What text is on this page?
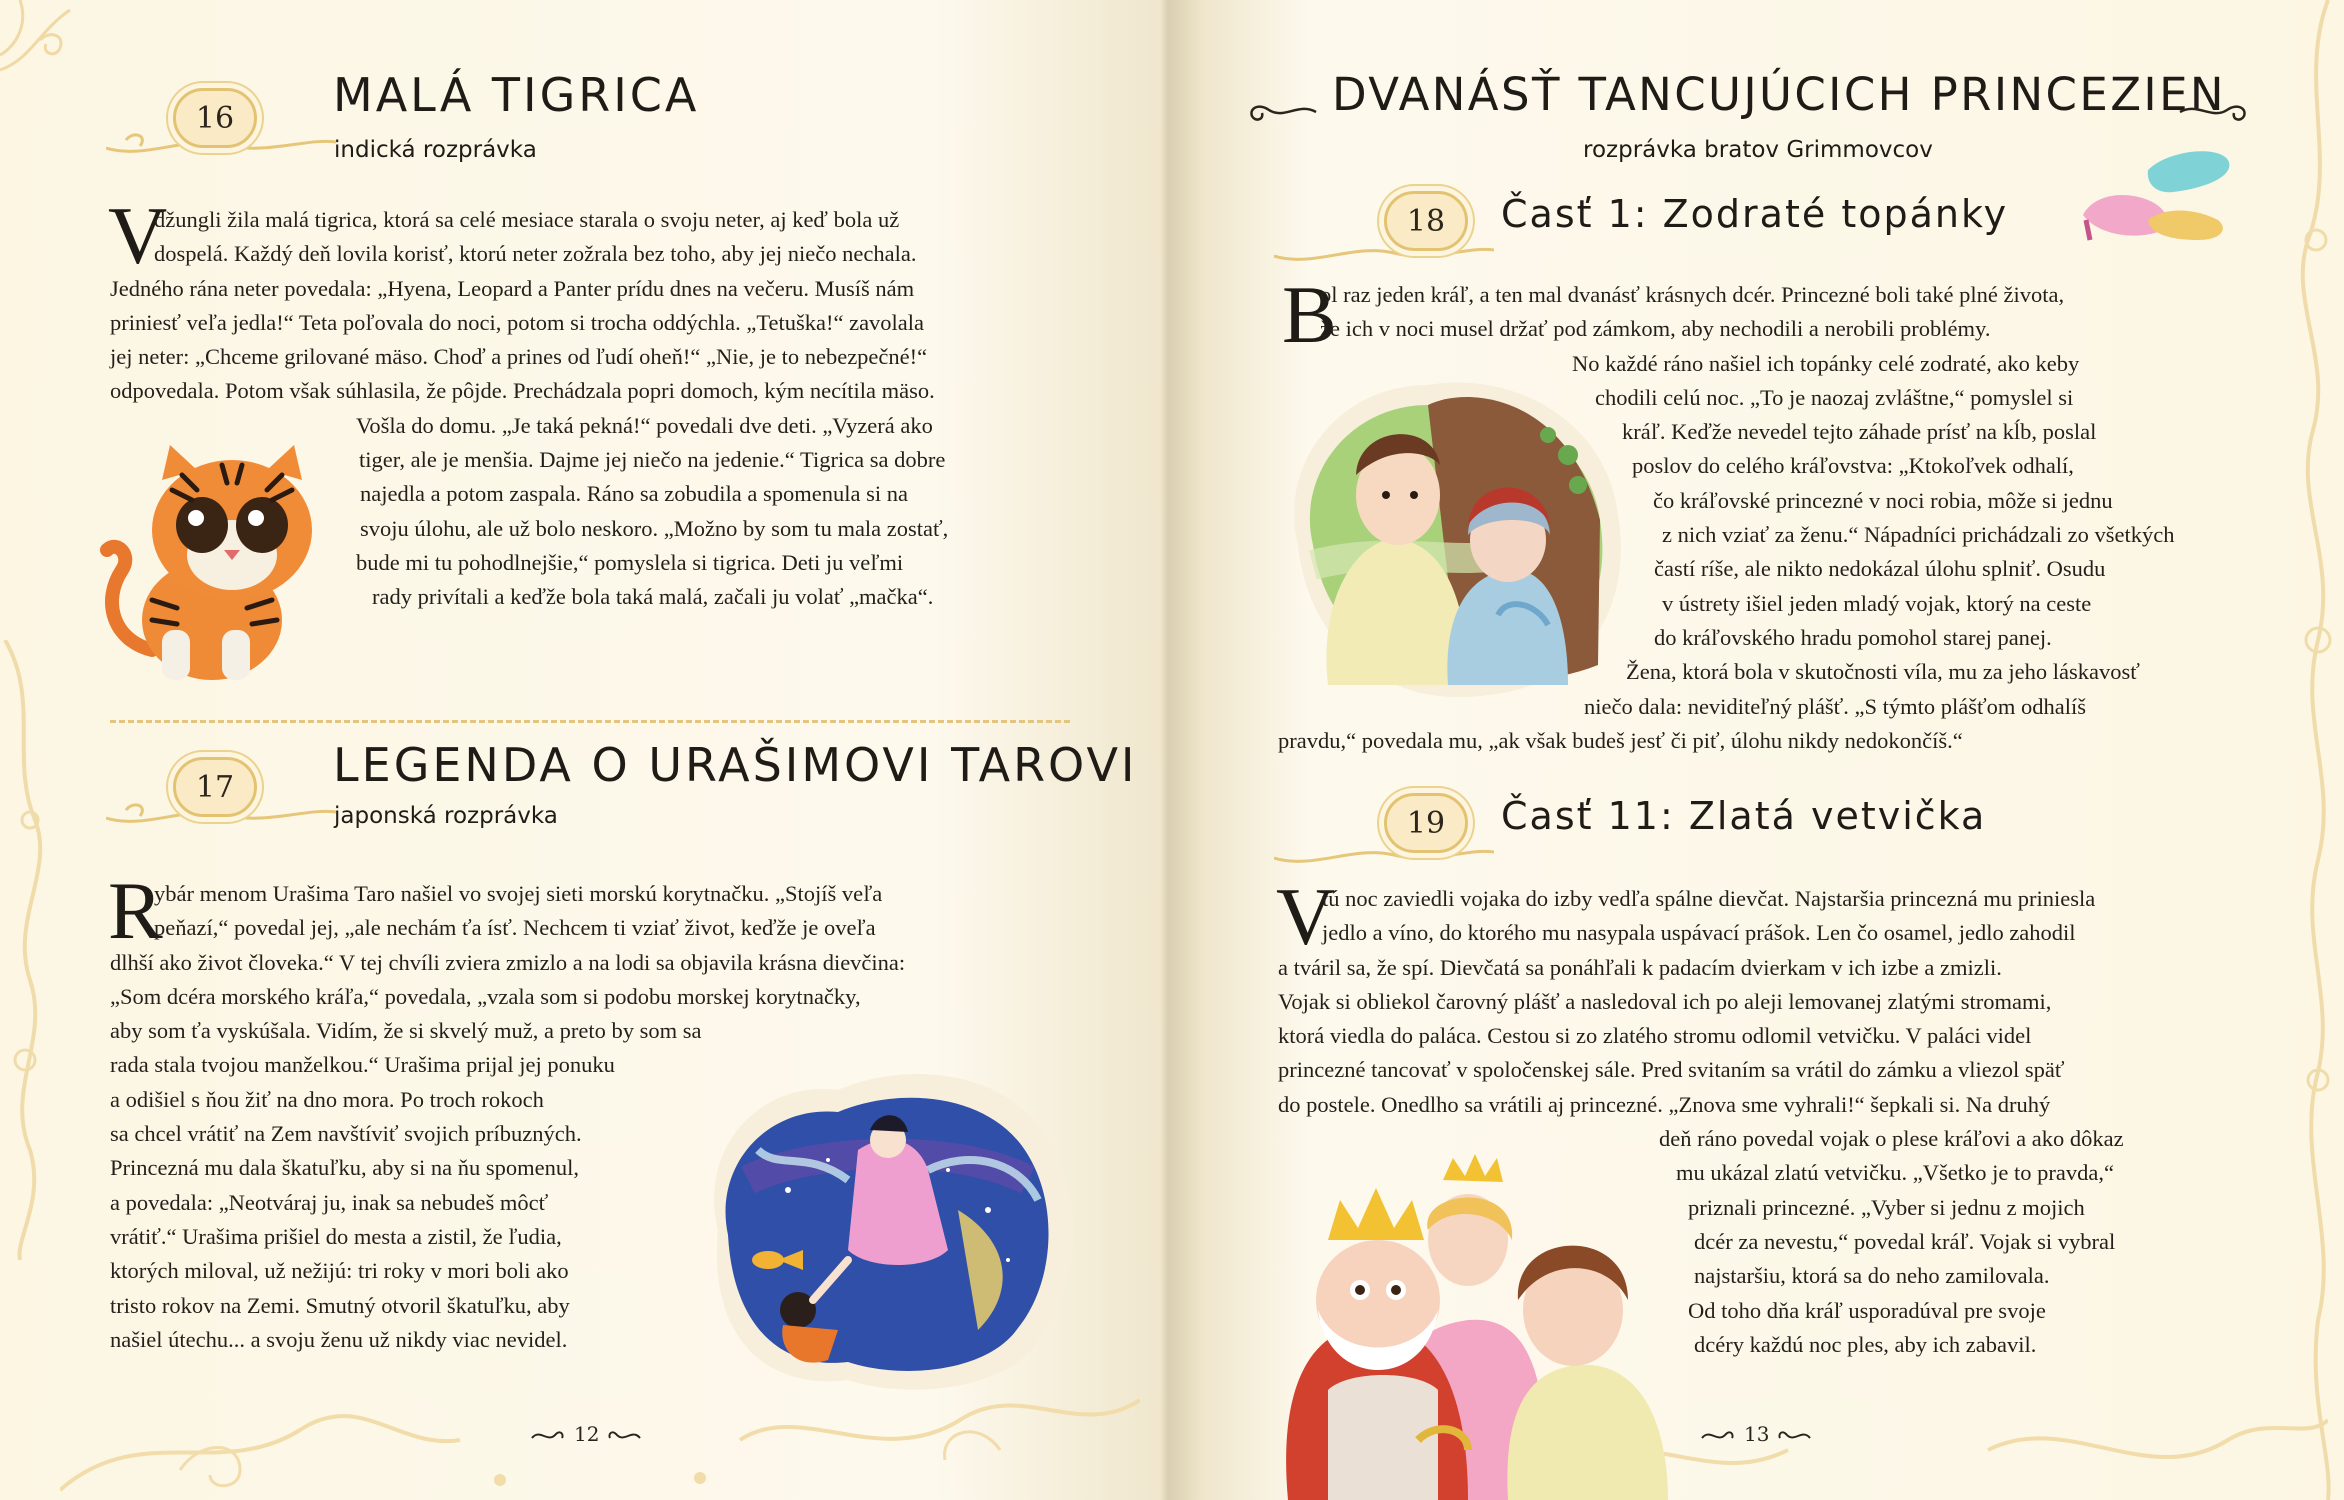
16	MALÁ TIGRICA
indická rozprávka
V
džungli žila malá tigrica, ktorá sa celé mesiace starala o svoju neter, aj keď bola už
dospelá. Každý deň lovila korisť, ktorú neter zožrala bez toho, aby jej niečo nechala.
Jedného rána neter povedala: „Hyena, Leopard a Panter prídu dnes na večeru. Musíš nám
priniesť veľa jedla!“ Teta poľovala do noci, potom si trocha oddýchla. „Tetuška!“ zavolala
jej neter: „Chceme grilované mäso. Choď a prines od ľudí oheň!“ „Nie, je to nebezpečné!“
odpovedala. Potom však súhlasila, že pôjde. Prechádzala popri domoch, kým necítila mäso.
Vošla do domu. „Je taká pekná!“ povedali dve deti. „Vyzerá ako
tiger, ale je menšia. Dajme jej niečo na jedenie.“ Tigrica sa dobre
najedla a potom zaspala. Ráno sa zobudila a spomenula si na
svoju úlohu, ale už bolo neskoro. „Možno by som tu mala zostať,
bude mi tu pohodlnejšie,“ pomyslela si tigrica. Deti ju veľmi
rady privítali a keďže bola taká malá, začali ju volať „mačka“.
17	LEGENDA O URAŠIMOVI TAROVI
japonská rozprávka
R
ybár menom Urašima Taro našiel vo svojej sieti morskú korytnačku. „Stojíš veľa
peňazí,“ povedal jej, „ale nechám ťa ísť. Nechcem ti vziať život, keďže je oveľa
dlhší ako život človeka.“ V tej chvíli zviera zmizlo a na lodi sa objavila krásna dievčina:
„Som dcéra morského kráľa,“ povedala, „vzala som si podobu morskej korytnačky,
aby som ťa vyskúšala. Vidím, že si skvelý muž, a preto by som sa
rada stala tvojou manželkou.“ Urašima prijal jej ponuku
a odišiel s ňou žiť na dno mora. Po troch rokoch
sa chcel vrátiť na Zem navštíviť svojich príbuzných.
Princezná mu dala škatuľku, aby si na ňu spomenul,
a povedala: „Neotváraj ju, inak sa nebudeš môcť
vrátiť.“ Urašima prišiel do mesta a zistil, že ľudia,
ktorých miloval, už nežijú: tri roky v mori boli ako
tristo rokov na Zemi. Smutný otvoril škatuľku, aby
našiel útechu... a svoju ženu už nikdy viac nevidel.
12
DVANÁSŤ TANCUJÚCICH PRINCEZIEN
rozprávka bratov Grimmovcov
18	Časť 1: Zodraté topánky
B
ol raz jeden kráľ, a ten mal dvanásť krásnych dcér. Princezné boli také plné života,
že ich v noci musel držať pod zámkom, aby nechodili a nerobili problémy.
No každé ráno našiel ich topánky celé zodraté, ako keby
chodili celú noc. „To je naozaj zvláštne,“ pomyslel si
kráľ. Keďže nevedel tejto záhade prísť na kĺb, poslal
poslov do celého kráľovstva: „Ktokoľvek odhalí,
čo kráľovské princezné v noci robia, môže si jednu
z nich vziať za ženu.“ Nápadníci prichádzali zo všetkých
častí ríše, ale nikto nedokázal úlohu splniť. Osudu
v ústrety išiel jeden mladý vojak, ktorý na ceste
do kráľovského hradu pomohol starej panej.
Žena, ktorá bola v skutočnosti víla, mu za jeho láskavosť
niečo dala: neviditeľný plášť. „S týmto plášťom odhalíš
pravdu,“ povedala mu, „ak však budeš jesť či piť, úlohu nikdy nedokončíš.“
19	Časť 11: Zlatá vetvička
V
tú noc zaviedli vojaka do izby vedľa spálne dievčat. Najstaršia princezná mu priniesla
jedlo a víno, do ktorého mu nasypala uspávací prášok. Len čo osamel, jedlo zahodil
a tváril sa, že spí. Dievčatá sa ponáhľali k padacím dvierkam v ich izbe a zmizli.
Vojak si obliekol čarovný plášť a nasledoval ich po aleji lemovanej zlatými stromami,
ktorá viedla do paláca. Cestou si zo zlatého stromu odlomil vetvičku. V paláci videl
princezné tancovať v spoločenskej sále. Pred svitaním sa vrátil do zámku a vliezol späť
do postele. Onedlho sa vrátili aj princezné. „Znova sme vyhrali!“ šepkali si. Na druhý
deň ráno povedal vojak o plese kráľovi a ako dôkaz
mu ukázal zlatú vetvičku. „Všetko je to pravda,“
priznali princezné. „Vyber si jednu z mojich
dcér za nevestu,“ povedal kráľ. Vojak si vybral
najstaršiu, ktorá sa do neho zamilovala.
Od toho dňa kráľ usporadúval pre svoje
dcéry každú noc ples, aby ich zabavil.
13
